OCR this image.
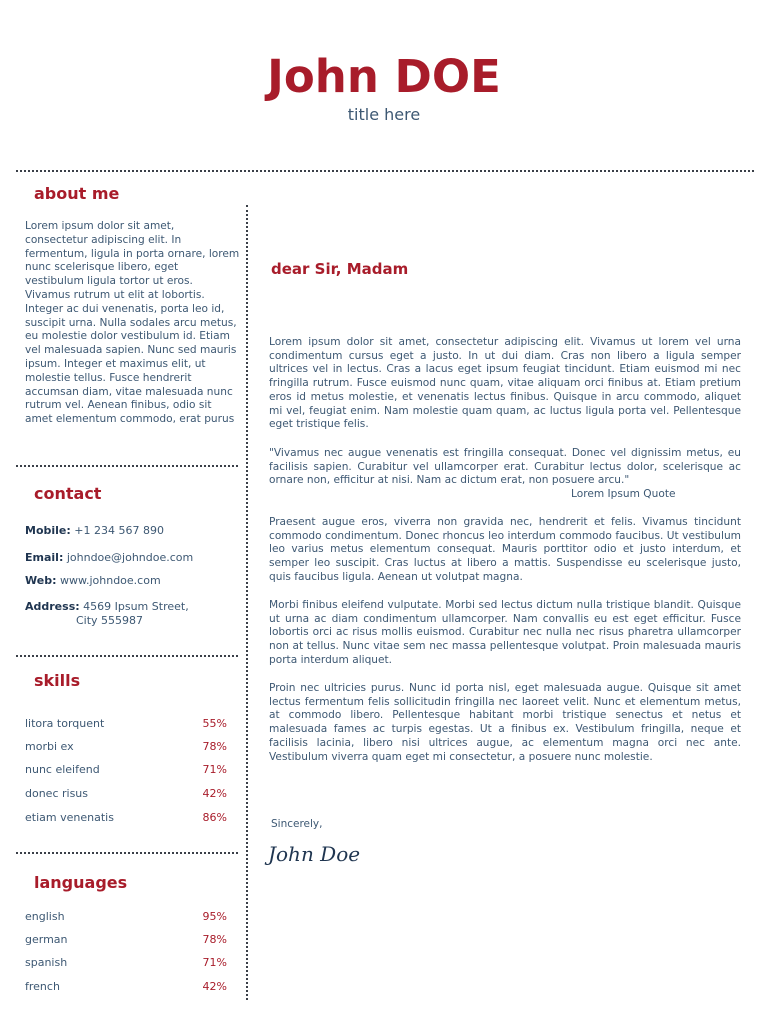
John DOE
title here
about me
Lorem ipsum dolor sit amet, consectetur adipiscing elit. In fermentum, ligula in porta ornare, lorem nunc scelerisque libero, eget vestibulum ligula tortor ut eros. Vivamus rutrum ut elit at lobortis. Integer ac dui venenatis, porta leo id, suscipit urna. Nulla sodales arcu metus, eu molestie dolor vestibulum id. Etiam vel malesuada sapien. Nunc sed mauris ipsum. Integer et maximus elit, ut molestie tellus. Fusce hendrerit accumsan diam, vitae malesuada nunc rutrum vel. Aenean finibus, odio sit amet elementum commodo, erat purus
contact
Mobile: +1 234 567 890
Email: johndoe@johndoe.com
Web: www.johndoe.com
Address: 4569 Ipsum Street,
City 555987
skills
litora torquent	55%
morbi ex	78%
nunc eleifend	71%
donec risus	42%
etiam venenatis	86%
languages
english	95%
german	78%
spanish	71%
french	42%
dear Sir, Madam
Lorem ipsum dolor sit amet, consectetur adipiscing elit. Vivamus ut lorem vel urna condimentum cursus eget a justo. In ut dui diam. Cras non libero a ligula semper ultrices vel in lectus. Cras a lacus eget ipsum feugiat tincidunt. Etiam euismod mi nec fringilla rutrum. Fusce euismod nunc quam, vitae aliquam orci finibus at. Etiam pretium eros id metus molestie, et venenatis lectus finibus. Quisque in arcu commodo, aliquet mi vel, feugiat enim. Nam molestie quam quam, ac luctus ligula porta vel. Pellentesque eget tristique felis.
"Vivamus nec augue venenatis est fringilla consequat. Donec vel dignissim metus, eu facilisis sapien. Curabitur vel ullamcorper erat. Curabitur lectus dolor, scelerisque ac ornare non, efficitur at nisi. Nam ac dictum erat, non posuere arcu."
Lorem Ipsum Quote
Praesent augue eros, viverra non gravida nec, hendrerit et felis. Vivamus tincidunt commodo condimentum. Donec rhoncus leo interdum commodo faucibus. Ut vestibulum leo varius metus elementum consequat. Mauris porttitor odio et justo interdum, et semper leo suscipit. Cras luctus at libero a mattis. Suspendisse eu scelerisque justo, quis faucibus ligula. Aenean ut volutpat magna.
Morbi finibus eleifend vulputate. Morbi sed lectus dictum nulla tristique blandit. Quisque ut urna ac diam condimentum ullamcorper. Nam convallis eu est eget efficitur. Fusce lobortis orci ac risus mollis euismod. Curabitur nec nulla nec risus pharetra ullamcorper non at tellus. Nunc vitae sem nec massa pellentesque volutpat. Proin malesuada mauris porta interdum aliquet.
Proin nec ultricies purus. Nunc id porta nisl, eget malesuada augue. Quisque sit amet lectus fermentum felis sollicitudin fringilla nec laoreet velit. Nunc et elementum metus, at commodo libero. Pellentesque habitant morbi tristique senectus et netus et malesuada fames ac turpis egestas. Ut a finibus ex. Vestibulum fringilla, neque et facilisis lacinia, libero nisi ultrices augue, ac elementum magna orci nec ante. Vestibulum viverra quam eget mi consectetur, a posuere nunc molestie.
Sincerely,
John Doe
